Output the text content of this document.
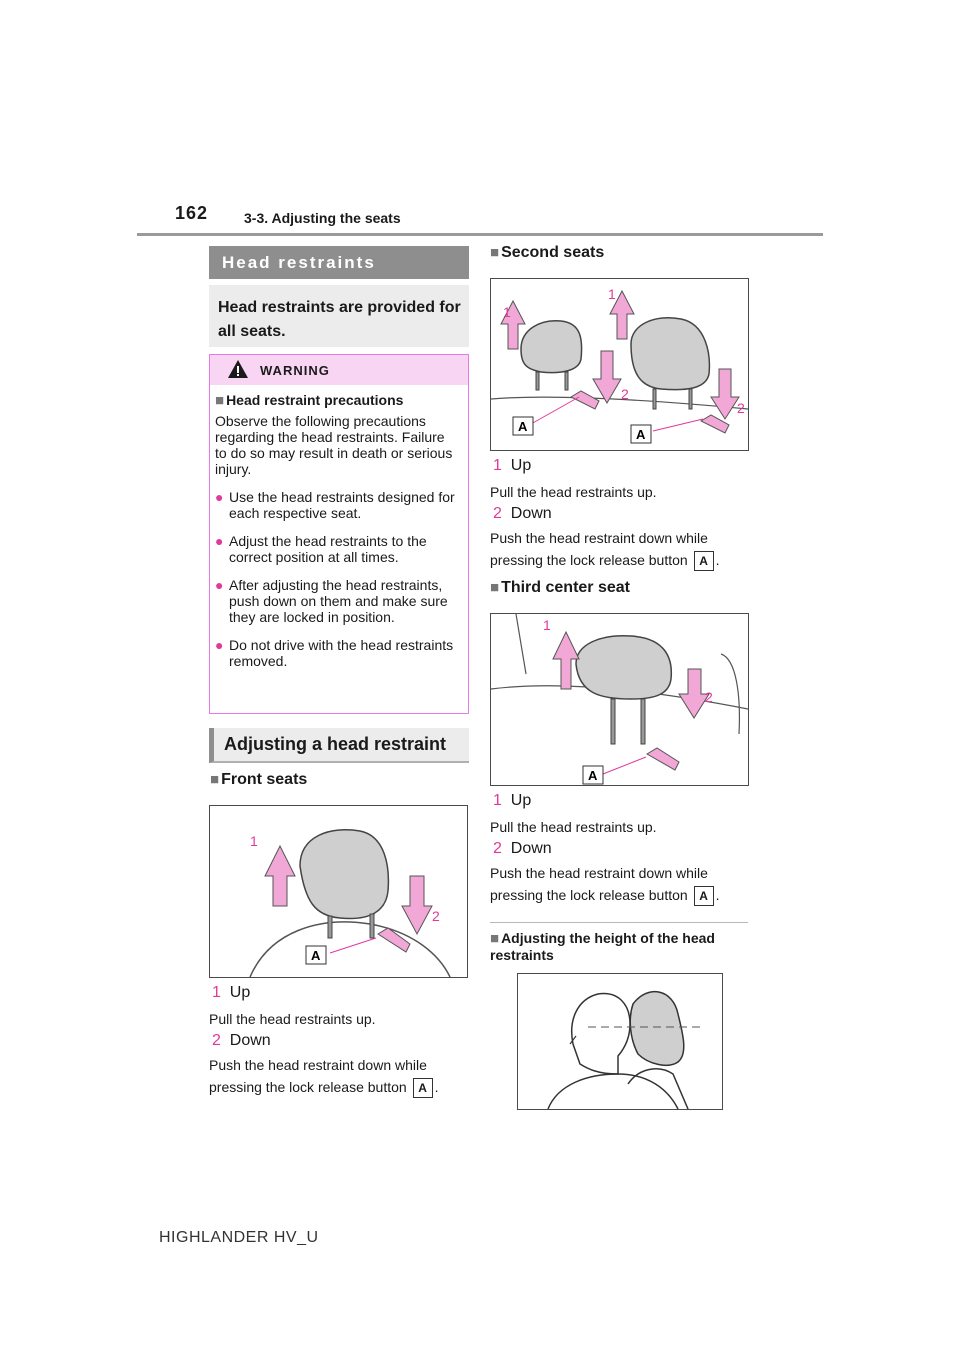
162	3-3. Adjusting the seats
Head restraints
Head restraints are provided for all seats.
WARNING

■ Head restraint precautions

Observe the following precautions regarding the head restraints. Failure to do so may result in death or serious injury.

● Use the head restraints designed for each respective seat.

● Adjust the head restraints to the correct position at all times.

● After adjusting the head restraints, push down on them and make sure they are locked in position.

● Do not drive with the head restraints removed.

Adjusting a head restraint
■ Front seats
A
1
2
1 Up
Pull the head restraints up.
2 Down
Push the head restraint down while pressing the lock release button A .
■ Second seats
A
A
1
1
2
2
1 Up
Pull the head restraints up.
2 Down
Push the head restraint down while pressing the lock release button A .
■ Third center seat
A
1
2
1 Up
Pull the head restraints up.
2 Down
Push the head restraint down while pressing the lock release button A .
■ Adjusting the height of the head restraints
HIGHLANDER HV_U
